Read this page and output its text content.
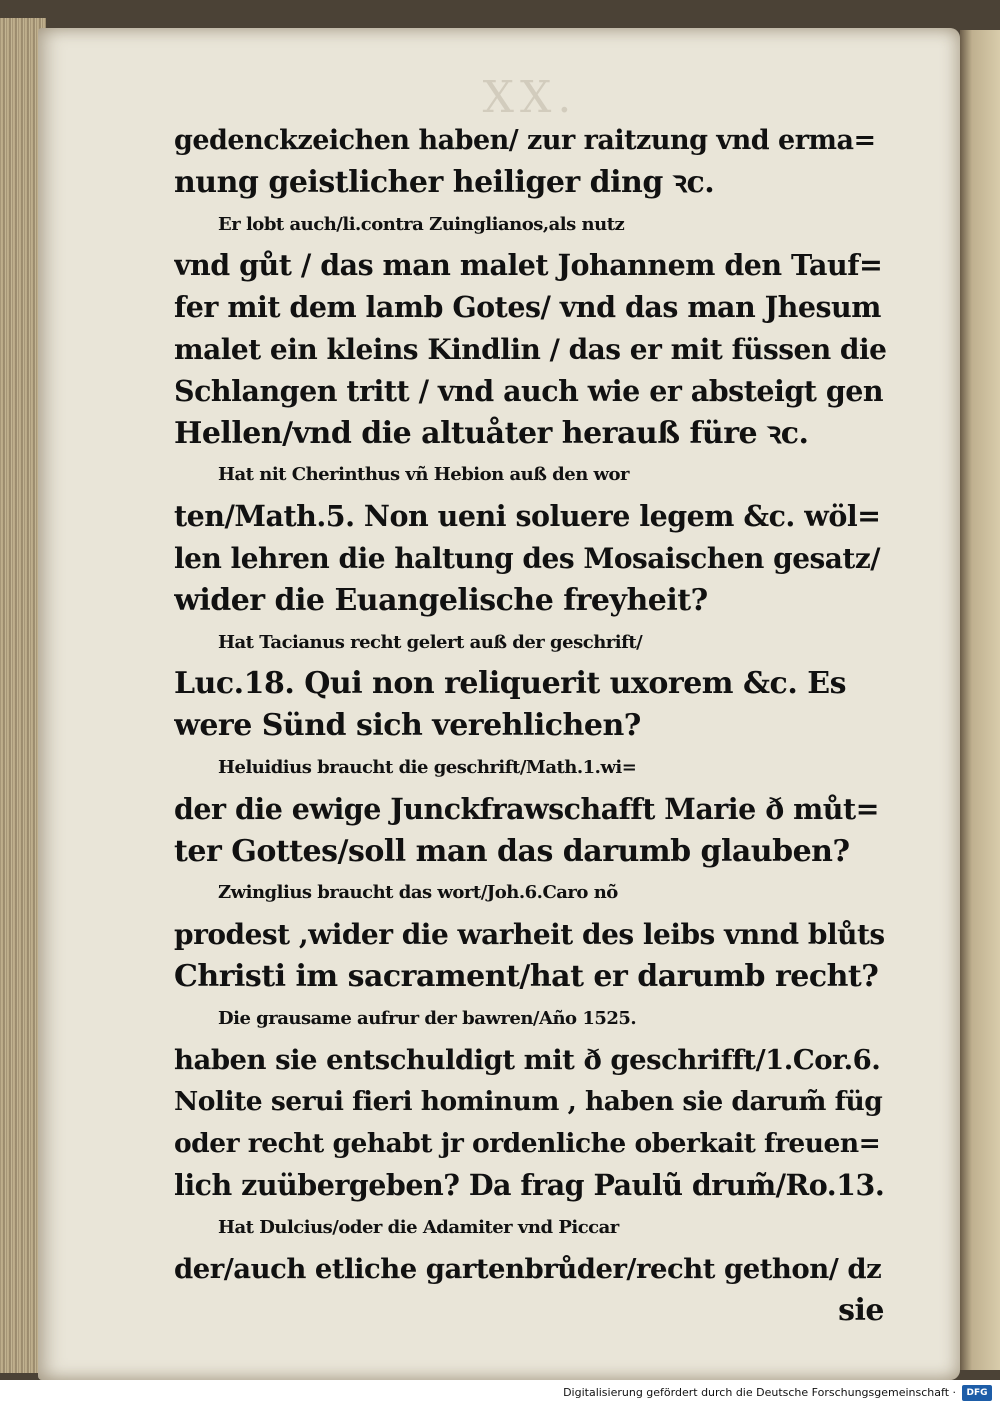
XX.
gedenckzeichen haben/ zur raitzung vnd erma=
nung geistlicher heiliger ding ꝛc.
Er lobt auch/li.contra Zuinglianos,als nutz
vnd gůt / das man malet Johannem den Tauf=
fer mit dem lamb Gotes/ vnd das man Jhesum
malet ein kleins Kindlin / das er mit füssen die
Schlangen tritt / vnd auch wie er absteigt gen
Hellen/vnd die altuåter herauß füre ꝛc.
Hat nit Cherinthus vñ Hebion auß den wor
ten/Math.5. Non ueni soluere legem &c. wöl=
len lehren die haltung des Mosaischen gesatz/
wider die Euangelische freyheit?
Hat Tacianus recht gelert auß der geschrift/
Luc.18. Qui non reliquerit uxorem &c. Es
were Sünd sich verehlichen?
Heluidius braucht die geschrift/Math.1.wi=
der die ewige Junckfrawschafft Marie ð můt=
ter Gottes/soll man das darumb glauben?
Zwinglius braucht das wort/Joh.6.Caro nõ
prodest ,wider die warheit des leibs vnnd blůts
Christi im sacrament/hat er darumb recht?
Die grausame aufrur der bawren/Año 1525.
haben sie entschuldigt mit ð geschrifft/1.Cor.6.
Nolite serui fieri hominum , haben sie darum̃ füg
oder recht gehabt jr ordenliche oberkait freuen=
lich zuübergeben? Da frag Paulũ drum̃/Ro.13.
Hat Dulcius/oder die Adamiter vnd Piccar
der/auch etliche gartenbrůder/recht gethon/ dz
sie
Digitalisierung gefördert durch die Deutsche Forschungsgemeinschaft ·	DFG
